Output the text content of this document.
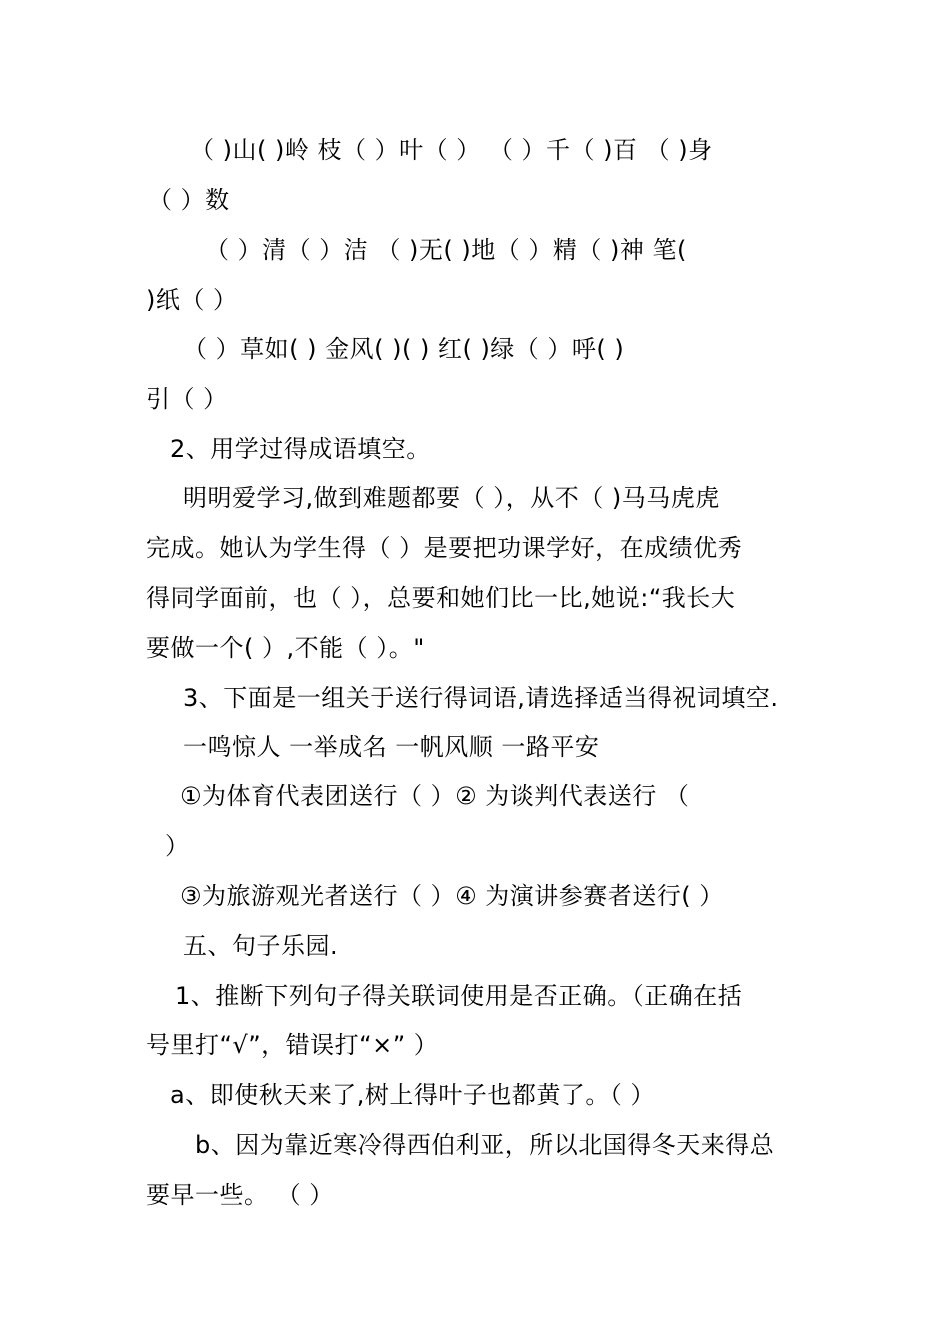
（ )山( )岭 枝（ ）叶（ ） （ ）千（ )百 （ )身
（ ）数
（ ）清（ ）洁 （ )无( )地（ ）精（ )神 笔(
)纸（ ）
（ ）草如( ) 金风( )( ) 红( )绿（ ）呼( )
引（ ）
2、用学过得成语填空。
明明爱学习,做到难题都要（ ），从不（ )马马虎虎
完成。她认为学生得（ ）是要把功课学好，在成绩优秀
得同学面前，也（ ），总要和她们比一比,她说:“我长大
要做一个( ）,不能（ ）。"
3、下面是一组关于送行得词语,请选择适当得祝词填空.
一鸣惊人 一举成名 一帆风顺 一路平安
①为体育代表团送行（ ）② 为谈判代表送行 （
）
③为旅游观光者送行（ ）④ 为演讲参赛者送行( ）
五、句子乐园.
1、推断下列句子得关联词使用是否正确。（正确在括
号里打“√”，错误打“×” ）
a、即使秋天来了,树上得叶子也都黄了。（ ）
b、因为靠近寒冷得西伯利亚，所以北国得冬天来得总
要早一些。 （ ）
